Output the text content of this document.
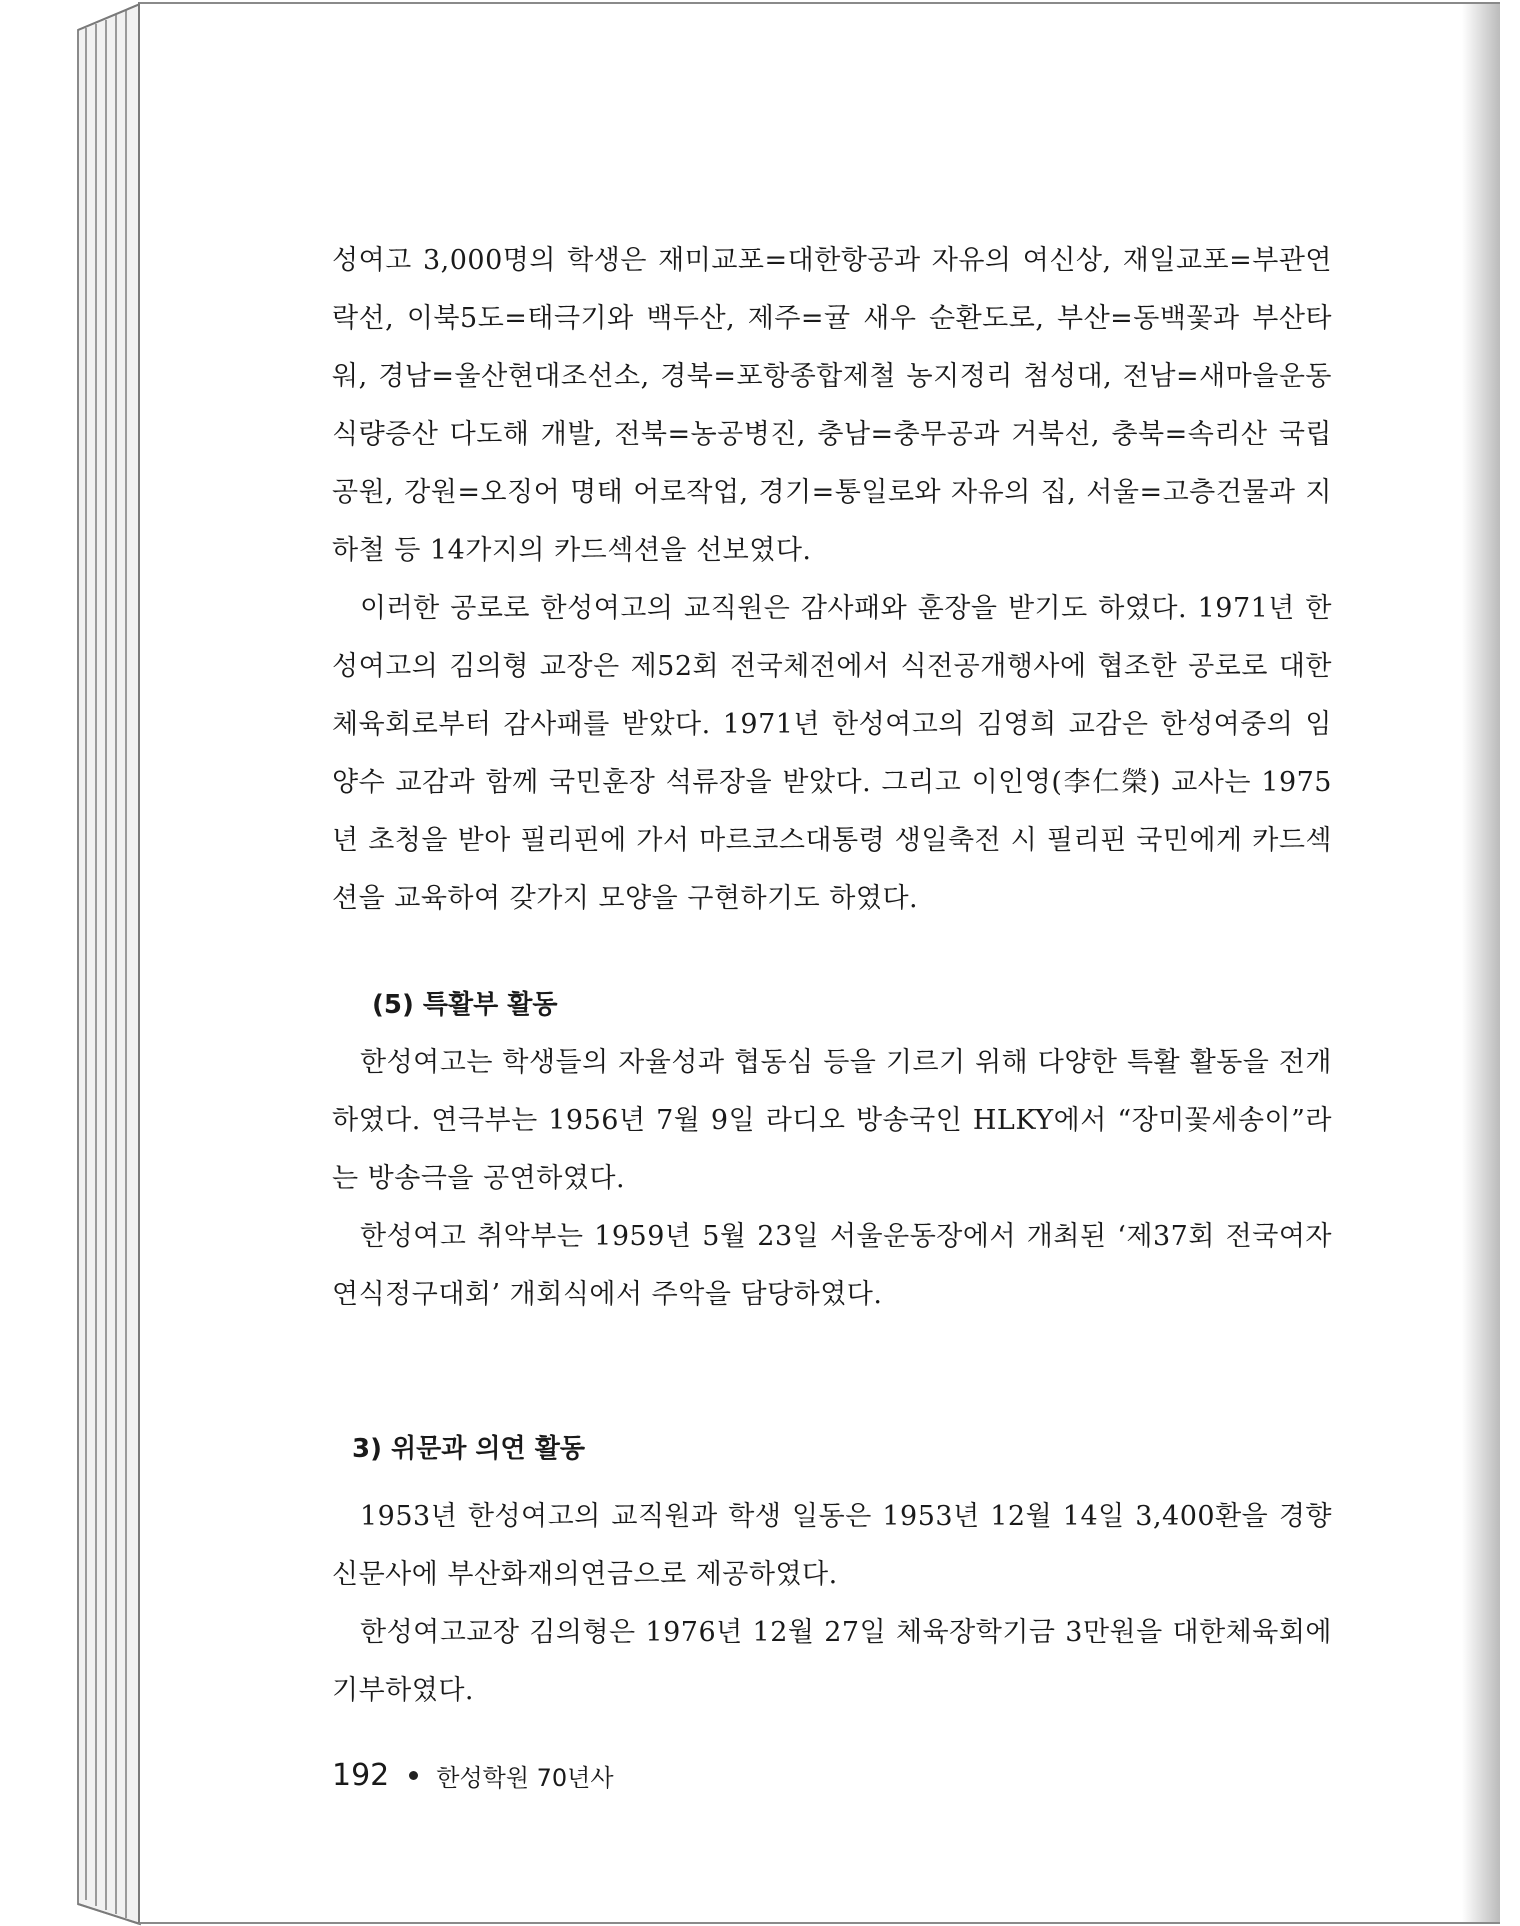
성여고 3,000명의 학생은 재미교포=대한항공과 자유의 여신상, 재일교포=부관연락선, 이북5도=태극기와 백두산, 제주=귤 새우 순환도로, 부산=동백꽃과 부산타워, 경남=울산현대조선소, 경북=포항종합제철 농지정리 첨성대, 전남=새마을운동 식량증산 다도해 개발, 전북=농공병진, 충남=충무공과 거북선, 충북=속리산 국립공원, 강원=오징어 명태 어로작업, 경기=통일로와 자유의 집, 서울=고층건물과 지하철 등 14가지의 카드섹션을 선보였다.

이러한 공로로 한성여고의 교직원은 감사패와 훈장을 받기도 하였다. 1971년 한성여고의 김의형 교장은 제52회 전국체전에서 식전공개행사에 협조한 공로로 대한체육회로부터 감사패를 받았다. 1971년 한성여고의 김영희 교감은 한성여중의 임양수 교감과 함께 국민훈장 석류장을 받았다. 그리고 이인영(李仁榮) 교사는 1975년 초청을 받아 필리핀에 가서 마르코스대통령 생일축전 시 필리핀 국민에게 카드섹션을 교육하여 갖가지 모양을 구현하기도 하였다.

(5) 특활부 활동

한성여고는 학생들의 자율성과 협동심 등을 기르기 위해 다양한 특활 활동을 전개하였다. 연극부는 1956년 7월 9일 라디오 방송국인 HLKY에서 “장미꽃세송이”라는 방송극을 공연하였다.

한성여고 취악부는 1959년 5월 23일 서울운동장에서 개최된 ‘제37회 전국여자연식정구대회’ 개회식에서 주악을 담당하였다.

3) 위문과 의연 활동

1953년 한성여고의 교직원과 학생 일동은 1953년 12월 14일 3,400환을 경향신문사에 부산화재의연금으로 제공하였다.

한성여고교장 김의형은 1976년 12월 27일 체육장학기금 3만원을 대한체육회에 기부하였다.

192 한성학원 70년사
